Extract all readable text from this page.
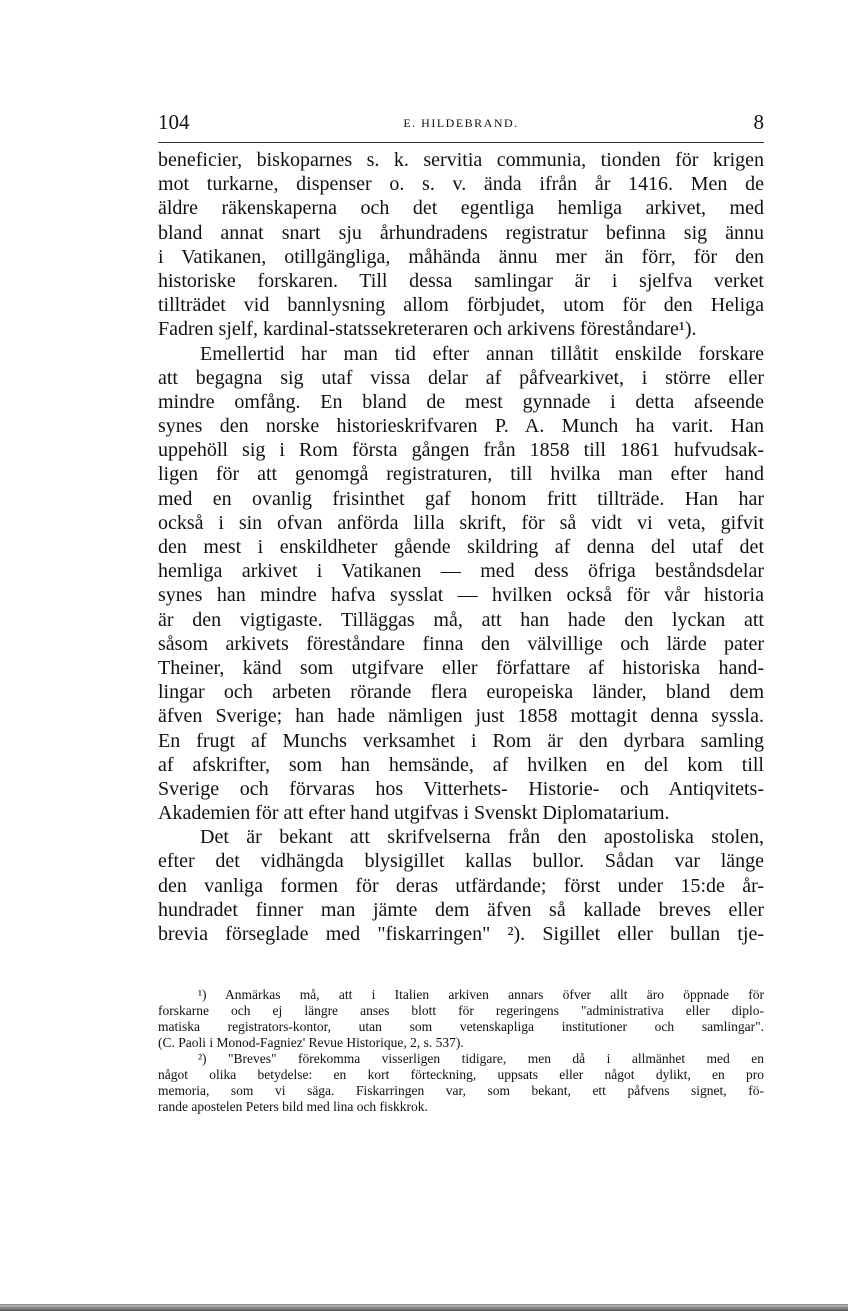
104	E. HILDEBRAND.	8
beneficier, biskoparnes s. k. servitia communia, tionden för krigen
mot turkarne, dispenser o. s. v. ända ifrån år 1416. Men de
äldre räkenskaperna och det egentliga hemliga arkivet, med
bland annat snart sju århundradens registratur befinna sig ännu
i Vatikanen, otillgängliga, måhända ännu mer än förr, för den
historiske forskaren. Till dessa samlingar är i sjelfva verket
tillträdet vid bannlysning allom förbjudet, utom för den Heliga
Fadren sjelf, kardinal-statssekreteraren och arkivens föreståndare¹).
Emellertid har man tid efter annan tillåtit enskilde forskare
att begagna sig utaf vissa delar af påfvearkivet, i större eller
mindre omfång. En bland de mest gynnade i detta afseende
synes den norske historieskrifvaren P. A. Munch ha varit. Han
uppehöll sig i Rom första gången från 1858 till 1861 hufvudsak-
ligen för att genomgå registraturen, till hvilka man efter hand
med en ovanlig frisinthet gaf honom fritt tillträde. Han har
också i sin ofvan anförda lilla skrift, för så vidt vi veta, gifvit
den mest i enskildheter gående skildring af denna del utaf det
hemliga arkivet i Vatikanen — med dess öfriga beståndsdelar
synes han mindre hafva sysslat — hvilken också för vår historia
är den vigtigaste. Tilläggas må, att han hade den lyckan att
såsom arkivets föreståndare finna den välvillige och lärde pater
Theiner, känd som utgifvare eller författare af historiska hand-
lingar och arbeten rörande flera europeiska länder, bland dem
äfven Sverige; han hade nämligen just 1858 mottagit denna syssla.
En frugt af Munchs verksamhet i Rom är den dyrbara samling
af afskrifter, som han hemsände, af hvilken en del kom till
Sverige och förvaras hos Vitterhets- Historie- och Antiqvitets-
Akademien för att efter hand utgifvas i Svenskt Diplomatarium.
Det är bekant att skrifvelserna från den apostoliska stolen,
efter det vidhängda blysigillet kallas bullor. Sådan var länge
den vanliga formen för deras utfärdande; först under 15:de år-
hundradet finner man jämte dem äfven så kallade breves eller
brevia förseglade med "fiskarringen" ²). Sigillet eller bullan tje-
¹) Anmärkas må, att i Italien arkiven annars öfver allt äro öppnade för
forskarne och ej längre anses blott för regeringens "administrativa eller diplo-
matiska registrators-kontor, utan som vetenskapliga institutioner och samlingar".
(C. Paoli i Monod-Fagniez' Revue Historique, 2, s. 537).
²) "Breves" förekomma visserligen tidigare, men då i allmänhet med en
något olika betydelse: en kort förteckning, uppsats eller något dylikt, en pro
memoria, som vi säga. Fiskarringen var, som bekant, ett påfvens signet, fö-
rande apostelen Peters bild med lina och fiskkrok.
